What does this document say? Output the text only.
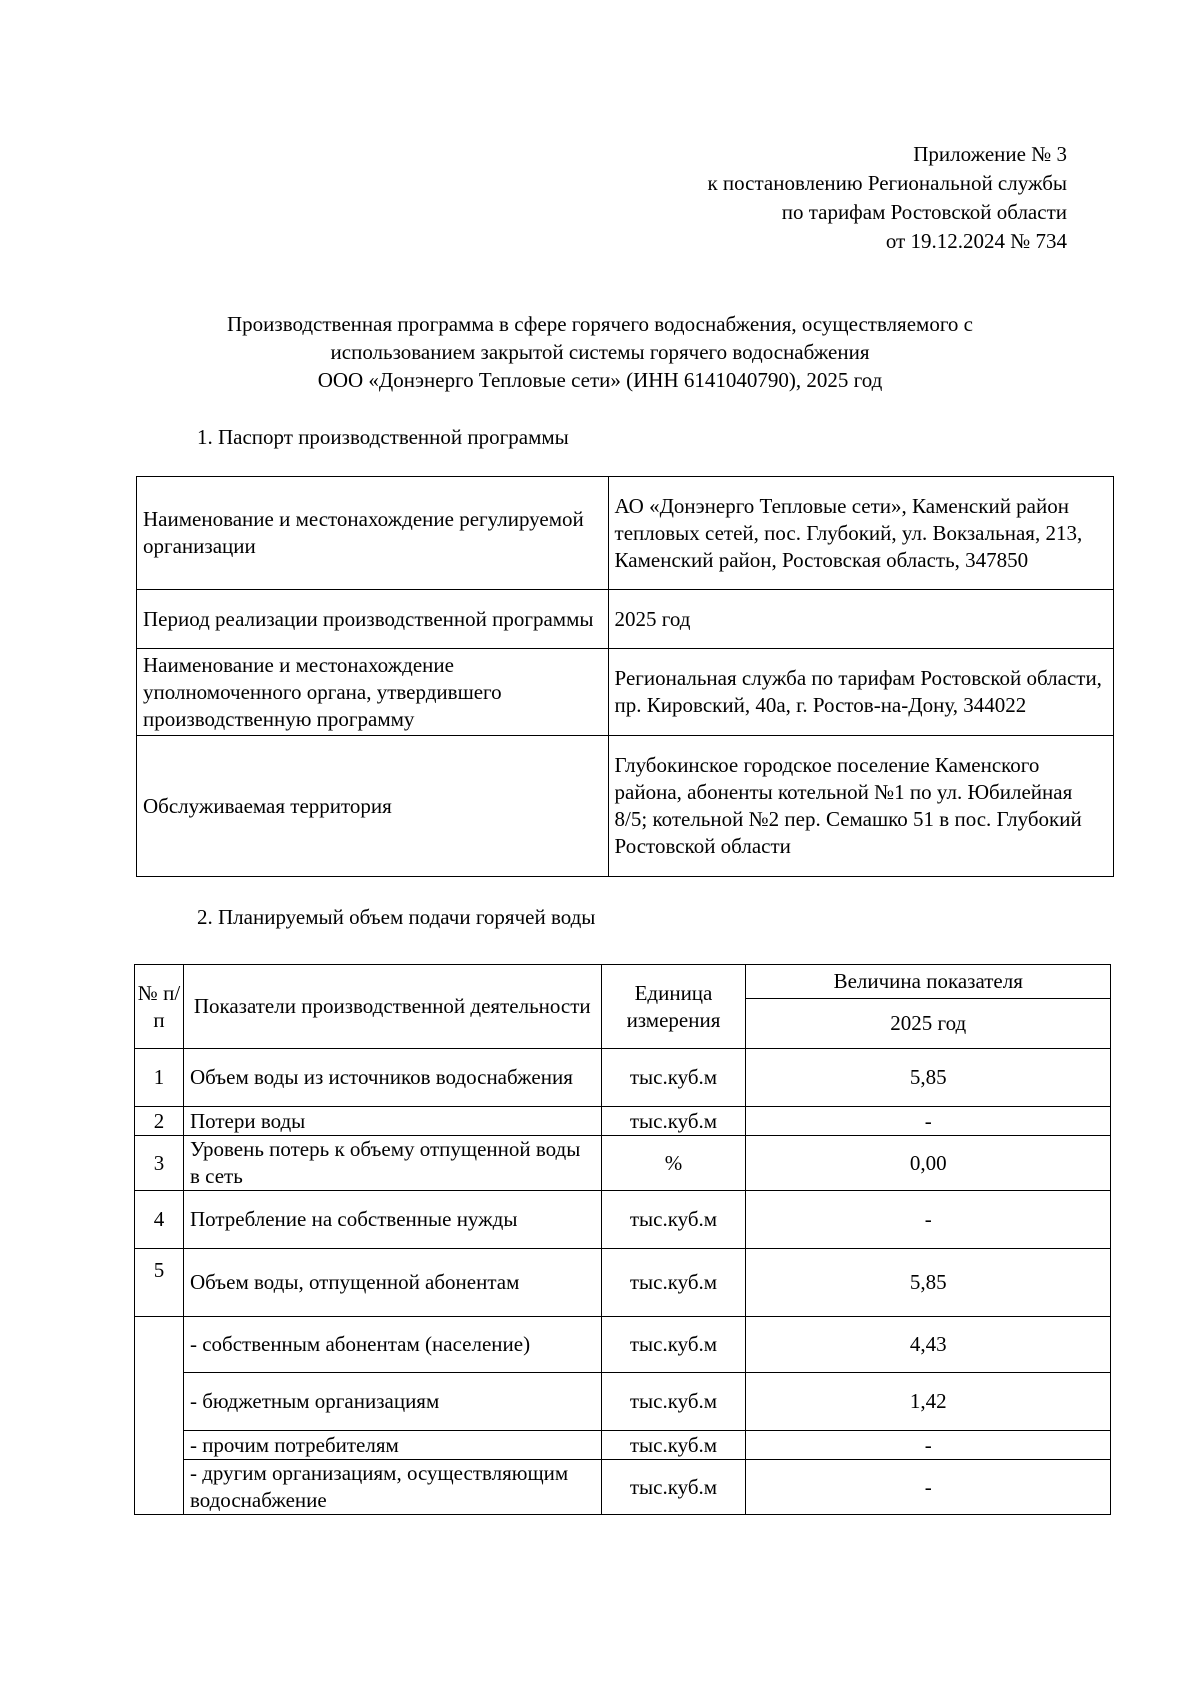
Приложение № 3
к постановлению Региональной службы
по тарифам Ростовской области
от 19.12.2024 № 734
Производственная программа в сфере горячего водоснабжения, осуществляемого с
использованием закрытой системы горячего водоснабжения
ООО «Донэнерго Тепловые сети» (ИНН 6141040790), 2025 год
1. Паспорт производственной программы
Наименование и местонахождение регулируемой организации	АО «Донэнерго Тепловые сети», Каменский район тепловых сетей, пос. Глубокий, ул. Вокзальная, 213, Каменский район, Ростовская область, 347850
Период реализации производственной программы	2025 год
Наименование и местонахождение уполномоченного органа, утвердившего производственную программу	Региональная служба по тарифам Ростовской области, пр. Кировский, 40а, г. Ростов-на-Дону, 344022
Обслуживаемая территория	Глубокинское городское поселение Каменского района, абоненты котельной №1 по ул. Юбилейная 8/5; котельной №2 пер. Семашко 51 в пос. Глубокий Ростовской области
2. Планируемый объем подачи горячей воды
№ п/ п	Показатели производственной деятельности	Единица измерения	Величина показателя
			2025 год
1	Объем воды из источников водоснабжения	тыс.куб.м	5,85
2	Потери воды	тыс.куб.м	-
3	Уровень потерь к объему отпущенной воды в сеть	%	0,00
4	Потребление на собственные нужды	тыс.куб.м	-
5	Объем воды, отпущенной абонентам	тыс.куб.м	5,85
	- собственным абонентам (население)	тыс.куб.м	4,43
	- бюджетным организациям	тыс.куб.м	1,42
	- прочим потребителям	тыс.куб.м	-
	- другим организациям, осуществляющим водоснабжение	тыс.куб.м	-
